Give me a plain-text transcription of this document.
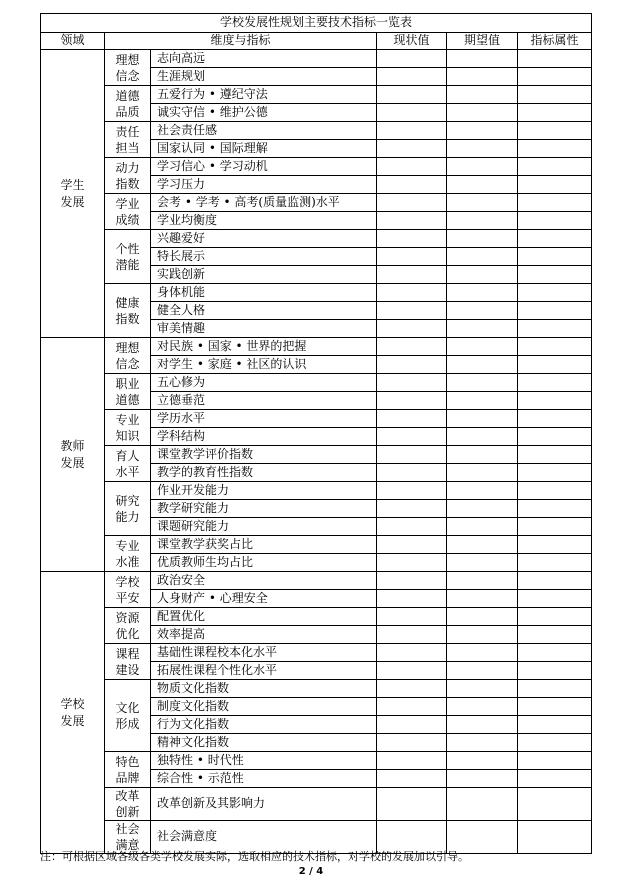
学校发展性规划主要技术指标一览表					
领域	维度与指标		现状值	期望值	指标属性
学生发展	理想信念	志向高远			
		生涯规划			
	道德品质	五爱行为 • 遵纪守法			
		诚实守信 • 维护公德			
	责任担当	社会责任感			
		国家认同 • 国际理解			
	动力指数	学习信心 • 学习动机			
		学习压力			
	学业成绩	会考 • 学考 • 高考(质量监测)水平			
		学业均衡度			
	个性潜能	兴趣爱好			
		特长展示			
		实践创新			
	健康指数	身体机能			
		健全人格			
		审美情趣			
教师发展	理想信念	对民族 • 国家 • 世界的把握			
		对学生 • 家庭 • 社区的认识			
	职业道德	五心修为			
		立德垂范			
	专业知识	学历水平			
		学科结构			
	育人水平	课堂教学评价指数			
		教学的教育性指数			
	研究能力	作业开发能力			
		教学研究能力			
		课题研究能力			
	专业水准	课堂教学获奖占比			
		优质教师生均占比			
学校发展	学校平安	政治安全			
		人身财产 • 心理安全			
	资源优化	配置优化			
		效率提高			
	课程建设	基础性课程校本化水平			
		拓展性课程个性化水平			
	文化形成	物质文化指数			
		制度文化指数			
		行为文化指数			
		精神文化指数			
	特色品牌	独特性 • 时代性			
		综合性 • 示范性			
	改革创新	改革创新及其影响力			
	社会满意	社会满意度			
注：可根据区域各级各类学校发展实际，选取相应的技术指标，对学校的发展加以引导。
2 / 4
